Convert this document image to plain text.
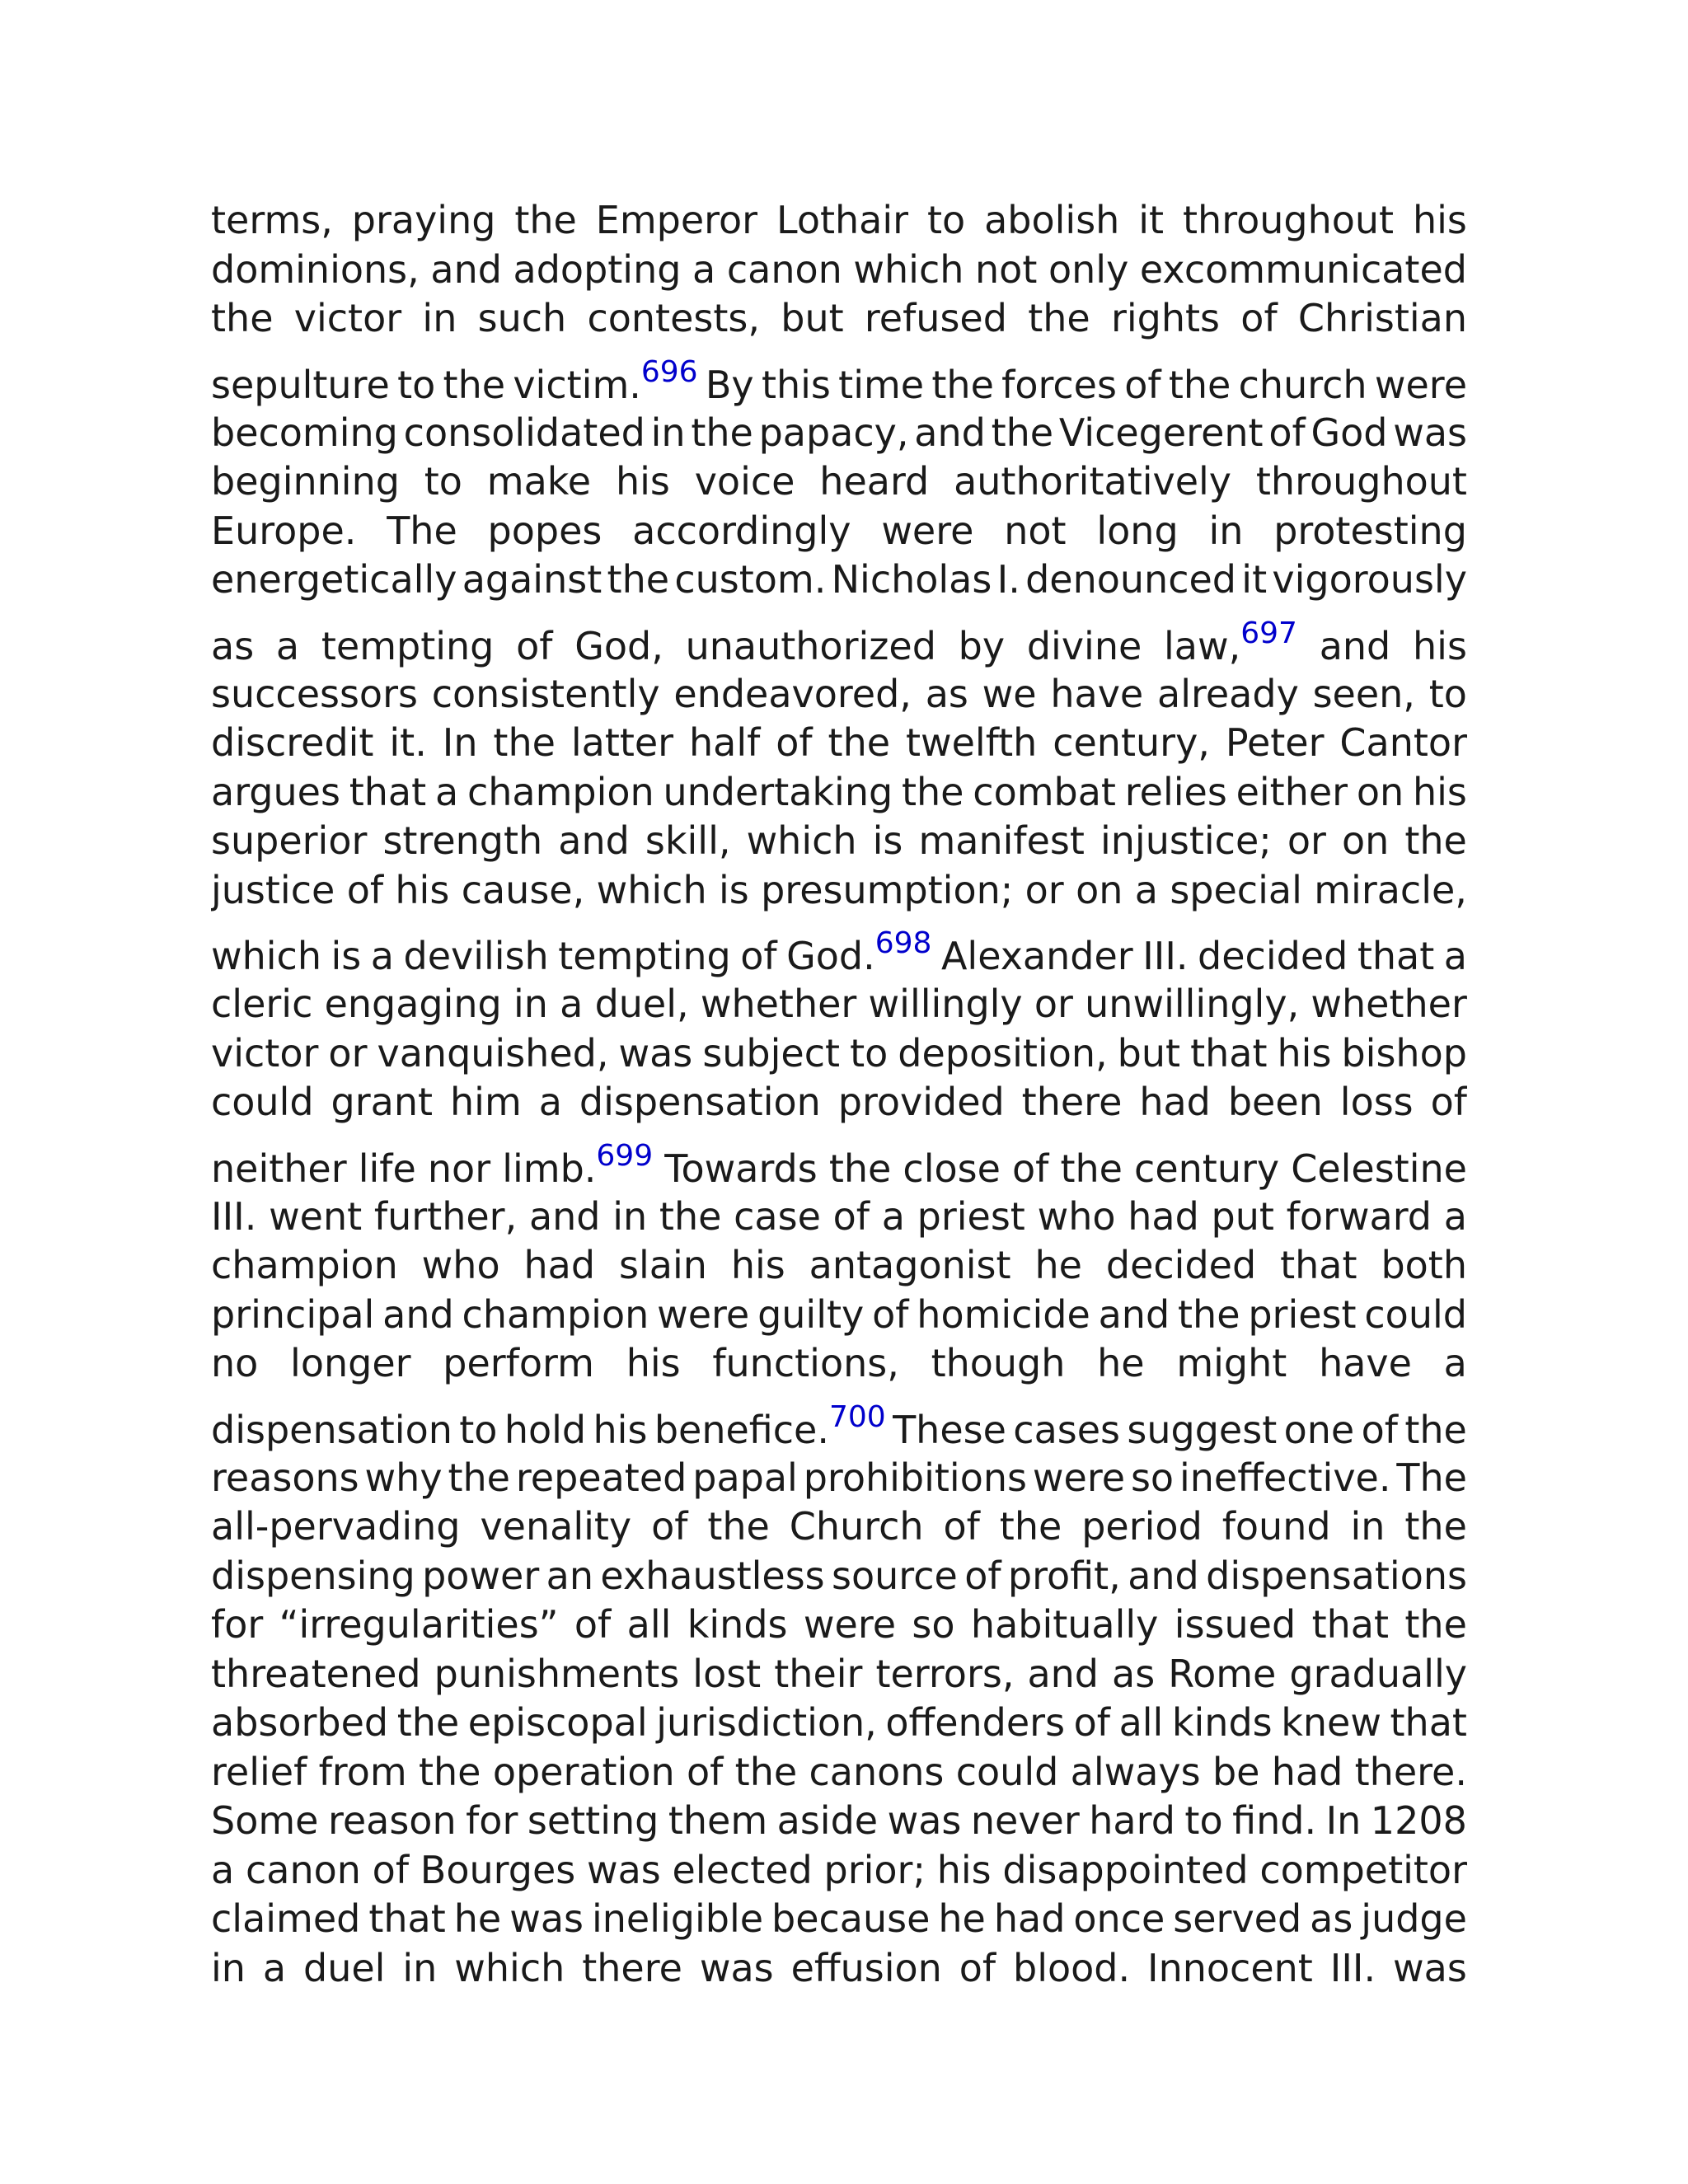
terms, praying the Emperor Lothair to abolish it throughout his
dominions, and adopting a canon which not only excommunicated
the victor in such contests, but refused the rights of Christian
sepulture to the victim.$^{696}$ By this time the forces of the church were
becoming consolidated in the papacy, and the Vicegerent of God was
beginning to make his voice heard authoritatively throughout
Europe. The popes accordingly were not long in protesting
energetically against the custom. Nicholas I. denounced it vigorously
as a tempting of God, unauthorized by divine law,$^{697}$ and his
successors consistently endeavored, as we have already seen, to
discredit it. In the latter half of the twelfth century, Peter Cantor
argues that a champion undertaking the combat relies either on his
superior strength and skill, which is manifest injustice; or on the
justice of his cause, which is presumption; or on a special miracle,
which is a devilish tempting of God.$^{698}$ Alexander III. decided that a
cleric engaging in a duel, whether willingly or unwillingly, whether
victor or vanquished, was subject to deposition, but that his bishop
could grant him a dispensation provided there had been loss of
neither life nor limb.$^{699}$ Towards the close of the century Celestine
III. went further, and in the case of a priest who had put forward a
champion who had slain his antagonist he decided that both
principal and champion were guilty of homicide and the priest could
no longer perform his functions, though he might have a
dispensation to hold his benefice.$^{700}$ These cases suggest one of the
reasons why the repeated papal prohibitions were so ineffective. The
all-pervading venality of the Church of the period found in the
dispensing power an exhaustless source of profit, and dispensations
for “irregularities” of all kinds were so habitually issued that the
threatened punishments lost their terrors, and as Rome gradually
absorbed the episcopal jurisdiction, offenders of all kinds knew that
relief from the operation of the canons could always be had there.
Some reason for setting them aside was never hard to find. In 1208
a canon of Bourges was elected prior; his disappointed competitor
claimed that he was ineligible because he had once served as judge
in a duel in which there was effusion of blood. Innocent III. was
